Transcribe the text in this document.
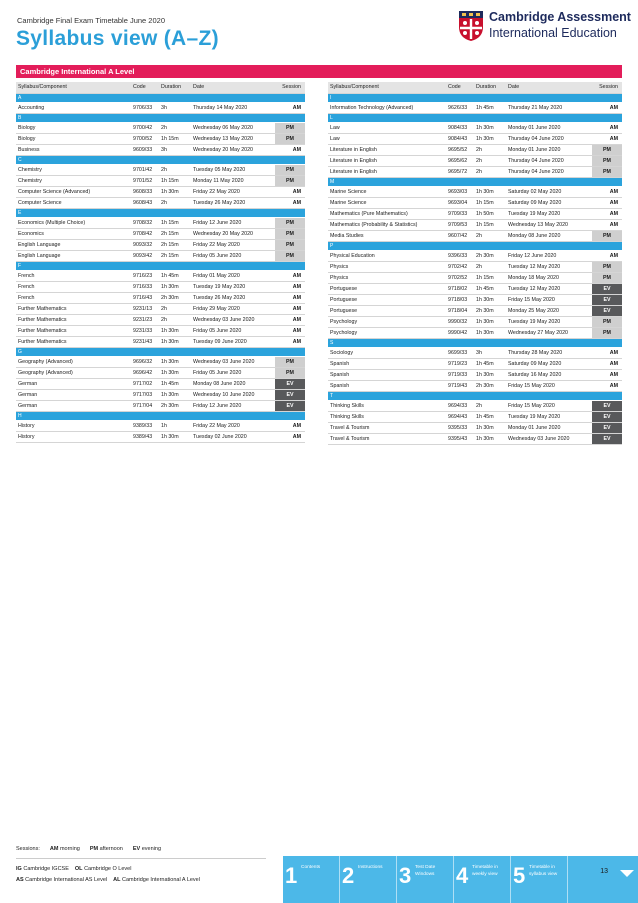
Cambridge Final Exam Timetable June 2020
Syllabus view (A–Z)
Cambridge Assessment
International Education
Cambridge International A Level
Syllabus/Component	Code	Duration	Date	Session
A				
Accounting	9706/33	3h	Thursday 14 May 2020	AM
B				
Biology	9700/42	2h	Wednesday 06 May 2020	PM
Biology	9700/52	1h 15m	Wednesday 13 May 2020	PM
Business	9609/33	3h	Wednesday 20 May 2020	AM
C				
Chemistry	9701/42	2h	Tuesday 05 May 2020	PM
Chemistry	9701/52	1h 15m	Monday 11 May 2020	PM
Computer Science (Advanced)	9608/33	1h 30m	Friday 22 May 2020	AM
Computer Science	9608/43	2h	Tuesday 26 May 2020	AM
E				
Economics (Multiple Choice)	9708/32	1h 15m	Friday 12 June 2020	PM
Economics	9708/42	2h 15m	Wednesday 20 May 2020	PM
English Language	9093/32	2h 15m	Friday 22 May 2020	PM
English Language	9093/42	2h 15m	Friday 05 June 2020	PM
F				
French	9716/23	1h 45m	Friday 01 May 2020	AM
French	9716/33	1h 30m	Tuesday 19 May 2020	AM
French	9716/43	2h 30m	Tuesday 26 May 2020	AM
Further Mathematics	9231/13	2h	Friday 29 May 2020	AM
Further Mathematics	9231/23	2h	Wednesday 03 June 2020	AM
Further Mathematics	9231/33	1h 30m	Friday 05 June 2020	AM
Further Mathematics	9231/43	1h 30m	Tuesday 09 June 2020	AM
G				
Geography (Advanced)	9696/32	1h 30m	Wednesday 03 June 2020	PM
Geography (Advanced)	9696/42	1h 30m	Friday 05 June 2020	PM
German	9717/02	1h 45m	Monday 08 June 2020	EV
German	9717/03	1h 30m	Wednesday 10 June 2020	EV
German	9717/04	2h 30m	Friday 12 June 2020	EV
H				
History	9389/33	1h	Friday 22 May 2020	AM
History	9389/43	1h 30m	Tuesday 02 June 2020	AM
Syllabus/Component	Code	Duration	Date	Session
I				
Information Technology (Advanced)	9626/33	1h 45m	Thursday 21 May 2020	AM
L				
Law	9084/33	1h 30m	Monday 01 June 2020	AM
Law	9084/43	1h 30m	Thursday 04 June 2020	AM
Literature in English	9695/52	2h	Monday 01 June 2020	PM
Literature in English	9695/62	2h	Thursday 04 June 2020	PM
Literature in English	9695/72	2h	Thursday 04 June 2020	PM
M				
Marine Science	9693/03	1h 30m	Saturday 02 May 2020	AM
Marine Science	9693/04	1h 15m	Saturday 09 May 2020	AM
Mathematics (Pure Mathematics)	9709/33	1h 50m	Tuesday 19 May 2020	AM
Mathematics (Probability & Statistics)	9709/53	1h 15m	Wednesday 13 May 2020	AM
Media Studies	9607/42	2h	Monday 08 June 2020	PM
P				
Physical Education	9396/33	2h 30m	Friday 12 June 2020	AM
Physics	9702/42	2h	Tuesday 12 May 2020	PM
Physics	9702/52	1h 15m	Monday 18 May 2020	PM
Portuguese	9718/02	1h 45m	Tuesday 12 May 2020	EV
Portuguese	9718/03	1h 30m	Friday 15 May 2020	EV
Portuguese	9718/04	2h 30m	Monday 25 May 2020	EV
Psychology	9990/32	1h 30m	Tuesday 19 May 2020	PM
Psychology	9990/42	1h 30m	Wednesday 27 May 2020	PM
S				
Sociology	9699/33	3h	Thursday 28 May 2020	AM
Spanish	9719/23	1h 45m	Saturday 09 May 2020	AM
Spanish	9719/33	1h 30m	Saturday 16 May 2020	AM
Spanish	9719/43	2h 30m	Friday 15 May 2020	AM
T				
Thinking Skills	9694/33	2h	Friday 15 May 2020	EV
Thinking Skills	9694/43	1h 45m	Tuesday 19 May 2020	EV
Travel & Tourism	9395/33	1h 30m	Monday 01 June 2020	EV
Travel & Tourism	9395/43	1h 30m	Wednesday 03 June 2020	EV
Sessions: AM morning PM afternoon EV evening
IG Cambridge IGCSE OL Cambridge O Level
AS Cambridge International AS Level AL Cambridge International A Level	1 Contents 2 Instructions 3 Test Date Windows 4 Timetable in weekly view 5 Timetable in syllabus view	13
